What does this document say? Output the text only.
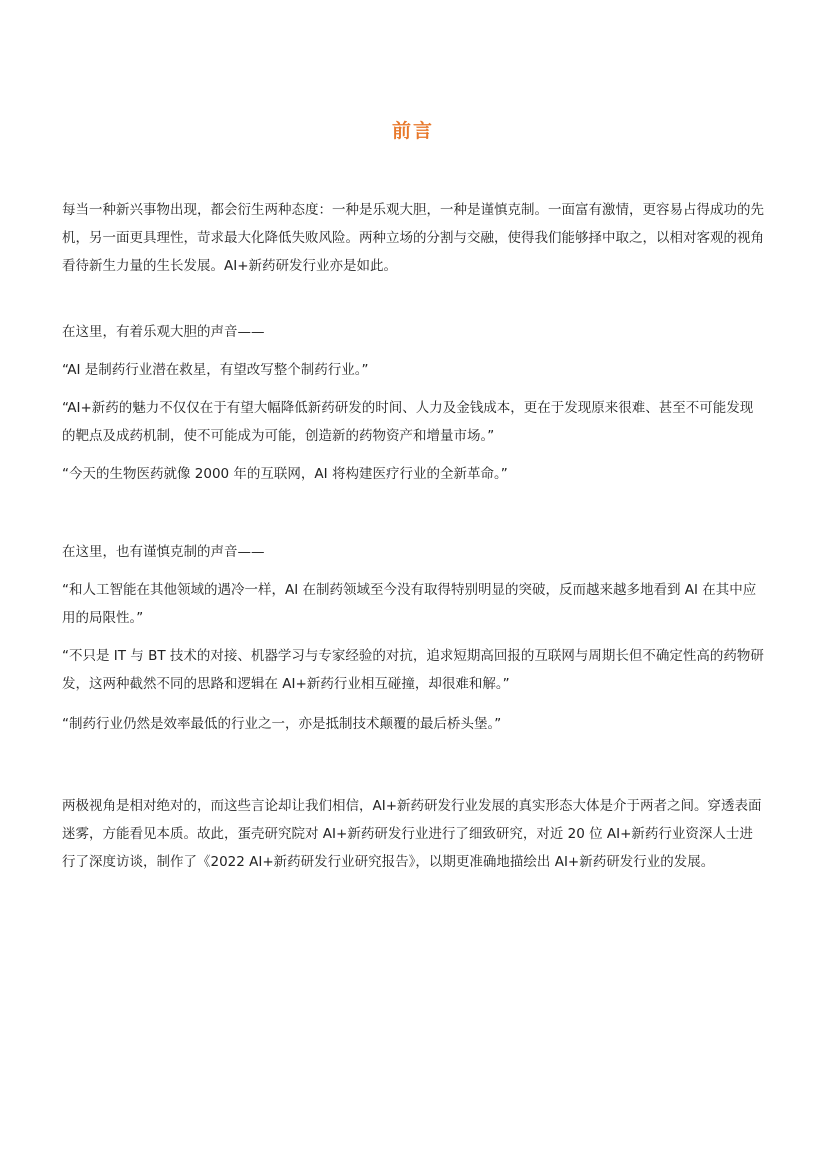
前言

每当一种新兴事物出现，都会衍生两种态度：一种是乐观大胆，一种是谨慎克制。一面富有激情，更容易占得成功的先机，另一面更具理性，苛求最大化降低失败风险。两种立场的分割与交融，使得我们能够择中取之，以相对客观的视角看待新生力量的生长发展。AI+新药研发行业亦是如此。

在这里，有着乐观大胆的声音——

“AI 是制药行业潜在救星，有望改写整个制药行业。”

“AI+新药的魅力不仅仅在于有望大幅降低新药研发的时间、人力及金钱成本，更在于发现原来很难、甚至不可能发现的靶点及成药机制，使不可能成为可能，创造新的药物资产和增量市场。”

“今天的生物医药就像 2000 年的互联网，AI 将构建医疗行业的全新革命。”

在这里，也有谨慎克制的声音——

“和人工智能在其他领域的遇冷一样，AI 在制药领域至今没有取得特别明显的突破，反而越来越多地看到 AI 在其中应用的局限性。”

“不只是 IT 与 BT 技术的对接、机器学习与专家经验的对抗，追求短期高回报的互联网与周期长但不确定性高的药物研发，这两种截然不同的思路和逻辑在 AI+新药行业相互碰撞，却很难和解。”

“制药行业仍然是效率最低的行业之一，亦是抵制技术颠覆的最后桥头堡。”

两极视角是相对绝对的，而这些言论却让我们相信，AI+新药研发行业发展的真实形态大体是介于两者之间。穿透表面迷雾，方能看见本质。故此，蛋壳研究院对 AI+新药研发行业进行了细致研究，对近 20 位 AI+新药行业资深人士进行了深度访谈，制作了《2022 AI+新药研发行业研究报告》，以期更准确地描绘出 AI+新药研发行业的发展。
